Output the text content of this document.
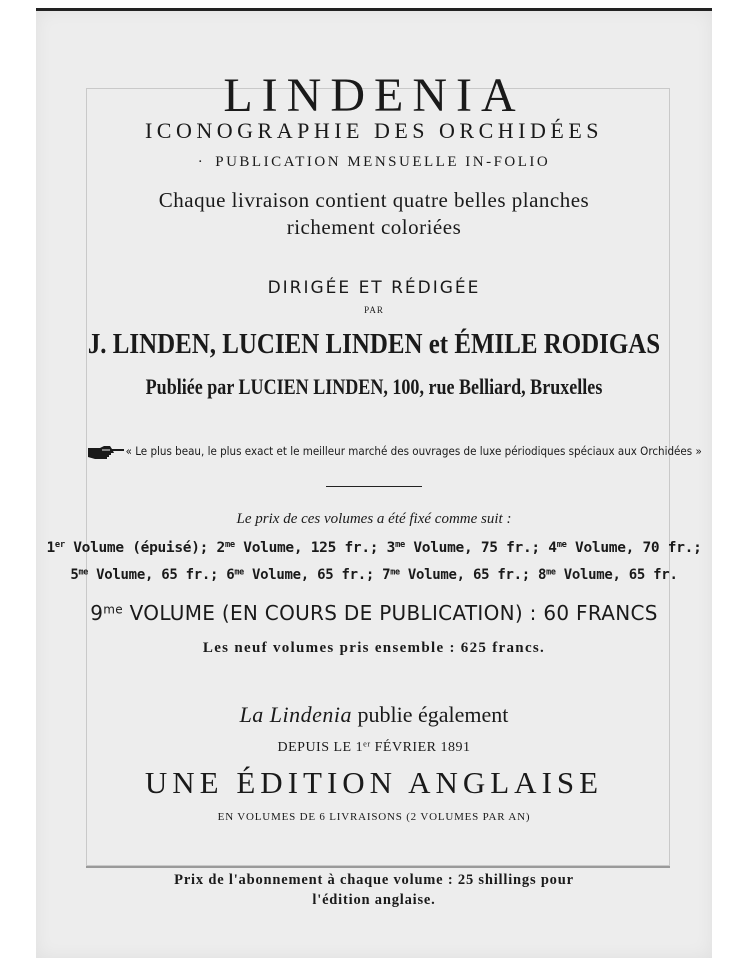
LINDENIA
ICONOGRAPHIE DES ORCHIDÉES
· PUBLICATION MENSUELLE IN-FOLIO
Chaque livraison contient quatre belles planches
richement coloriées
DIRIGÉE ET RÉDIGÉE
PAR
J. LINDEN, LUCIEN LINDEN et ÉMILE RODIGAS
Publiée par LUCIEN LINDEN, 100, rue Belliard, Bruxelles
« Le plus beau, le plus exact et le meilleur marché des ouvrages de luxe périodiques spéciaux aux Orchidées »
Le prix de ces volumes a été fixé comme suit :
1er Volume (épuisé); $2^{me}$ Volume, 125 fr.; $3^{me}$ Volume, 75 fr.; $4^{me}$ Volume, 70 fr.;
$5^{me}$ Volume, 65 fr.; $6^{me}$ Volume, 65 fr.; $7^{me}$ Volume, 65 fr.; $8^{me}$ Volume, 65 fr.
$9^{me}$ VOLUME (EN COURS DE PUBLICATION) : 60 FRANCS
Les neuf volumes pris ensemble : 625 francs.
La Lindenia publie également
DEPUIS LE 1er FÉVRIER 1891
UNE ÉDITION ANGLAISE
EN VOLUMES DE 6 LIVRAISONS (2 VOLUMES PAR AN)
Prix de l'abonnement à chaque volume : 25 shillings pour
l'édition anglaise.
